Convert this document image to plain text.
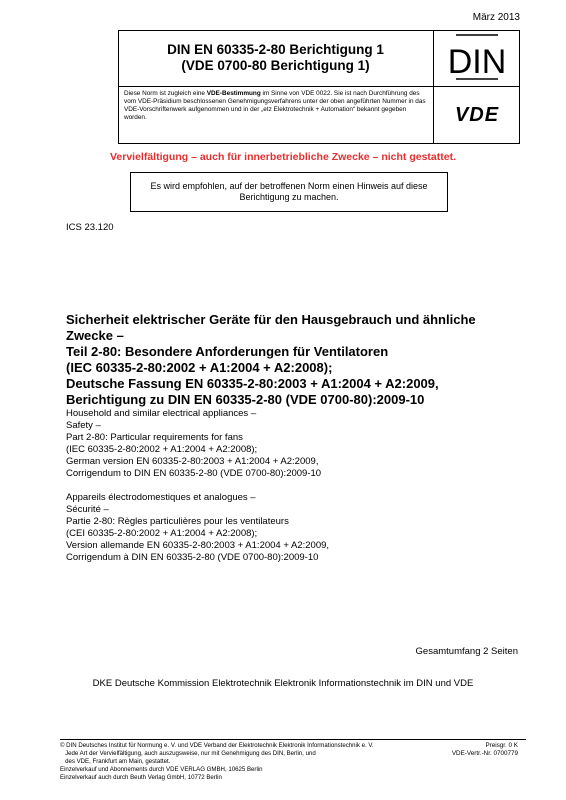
März 2013
DIN EN 60335-2-80 Berichtigung 1
(VDE 0700-80 Berichtigung 1) DIN
Diese Norm ist zugleich eine VDE-Bestimmung im Sinne von VDE 0022. Sie ist nach Durchführung des vom VDE-Präsidium beschlossenen Genehmigungsverfahrens unter der oben angeführten Nummer in das VDE-Vorschriftenwerk aufgenommen und in der „etz Elektrotechnik + Automation“ bekannt gegeben worden.	VDE
Vervielfältigung – auch für innerbetriebliche Zwecke – nicht gestattet.
Es wird empfohlen, auf der betroffenen Norm einen Hinweis auf diese Berichtigung zu machen.
ICS 23.120
Sicherheit elektrischer Geräte für den Hausgebrauch und ähnliche
Zwecke –
Teil 2-80: Besondere Anforderungen für Ventilatoren
(IEC 60335-2-80:2002 + A1:2004 + A2:2008);
Deutsche Fassung EN 60335-2-80:2003 + A1:2004 + A2:2009,
Berichtigung zu DIN EN 60335-2-80 (VDE 0700-80):2009-10
Household and similar electrical appliances –
Safety –
Part 2-80: Particular requirements for fans
(IEC 60335-2-80:2002 + A1:2004 + A2:2008);
German version EN 60335-2-80:2003 + A1:2004 + A2:2009,
Corrigendum to DIN EN 60335-2-80 (VDE 0700-80):2009-10
Appareils électrodomestiques et analogues –
Sécurité –
Partie 2-80: Règles particulières pour les ventilateurs
(CEI 60335-2-80:2002 + A1:2004 + A2:2008);
Version allemande EN 60335-2-80:2003 + A1:2004 + A2:2009,
Corrigendum à DIN EN 60335-2-80 (VDE 0700-80):2009-10
Gesamtumfang 2 Seiten
DKE Deutsche Kommission Elektrotechnik Elektronik Informationstechnik im DIN und VDE
© DIN Deutsches Institut für Normung e. V. und VDE Verband der Elektrotechnik Elektronik Informationstechnik e. V.
Jede Art der Vervielfältigung, auch auszugsweise, nur mit Genehmigung des DIN, Berlin, und
des VDE, Frankfurt am Main, gestattet.
Einzelverkauf und Abonnements durch VDE VERLAG GMBH, 10625 Berlin
Einzelverkauf auch durch Beuth Verlag GmbH, 10772 Berlin
Preisgr. 0 K
VDE-Vertr.-Nr. 0700779
